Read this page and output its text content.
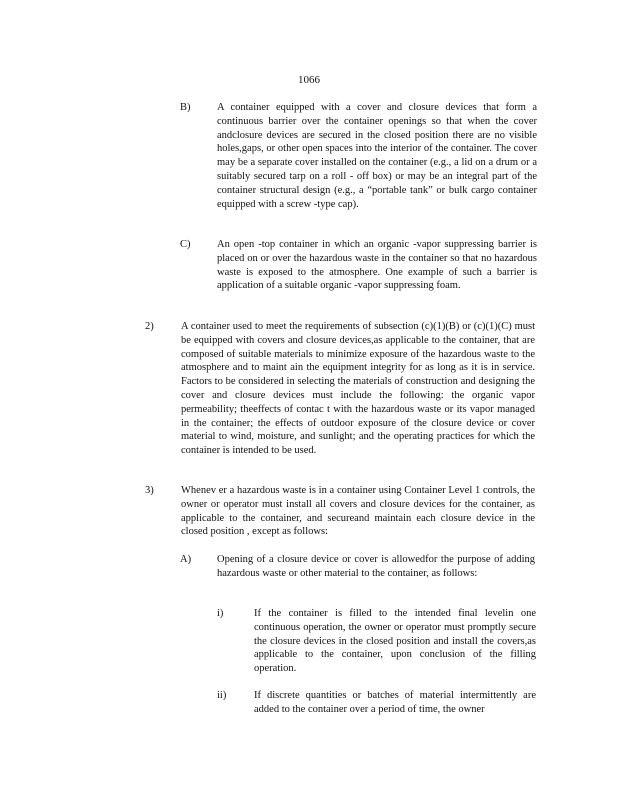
1066
B)	A container equipped with a cover and closure devices that form a continuous barrier over the container openings so that when the cover andclosure devices are secured in the closed position there are no visible holes,gaps, or other open spaces into the interior of the container. The cover may be a separate cover installed on the container (e.g., a lid on a drum or a suitably secured tarp on a roll - off box) or may be an integral part of the container structural design (e.g., a “portable tank” or bulk cargo container equipped with a screw -type cap).

C)	An open -top container in which an organic -vapor suppressing barrier is placed on or over the hazardous waste in the container so that no hazardous waste is exposed to the atmosphere. One example of such a barrier is application of a suitable organic -vapor suppressing foam.

2)	A container used to meet the requirements of subsection (c)(1)(B) or (c)(1)(C) must be equipped with covers and closure devices,as applicable to the container, that are composed of suitable materials to minimize exposure of the hazardous waste to the atmosphere and to maint ain the equipment integrity for as long as it is in service. Factors to be considered in selecting the materials of construction and designing the cover and closure devices must include the following: the organic vapor permeability; theeffects of contac t with the hazardous waste or its vapor managed in the container; the effects of outdoor exposure of the closure device or cover material to wind, moisture, and sunlight; and the operating practices for which the container is intended to be used.

3)	Whenev er a hazardous waste is in a container using Container Level 1 controls, the owner or operator must install all covers and closure devices for the container, as applicable to the container, and secureand maintain each closure device in the closed position , except as follows:

A) Opening of a closure device or cover is allowedfor the purpose of adding hazardous waste or other material to the container, as follows:

i)	If the container is filled to the intended final levelin one continuous operation, the owner or operator must promptly secure the closure devices in the closed position and install the covers,as applicable to the container, upon conclusion of the filling operation.

ii)	If discrete quantities or batches of material intermittently are added to the container over a period of time, the owner
